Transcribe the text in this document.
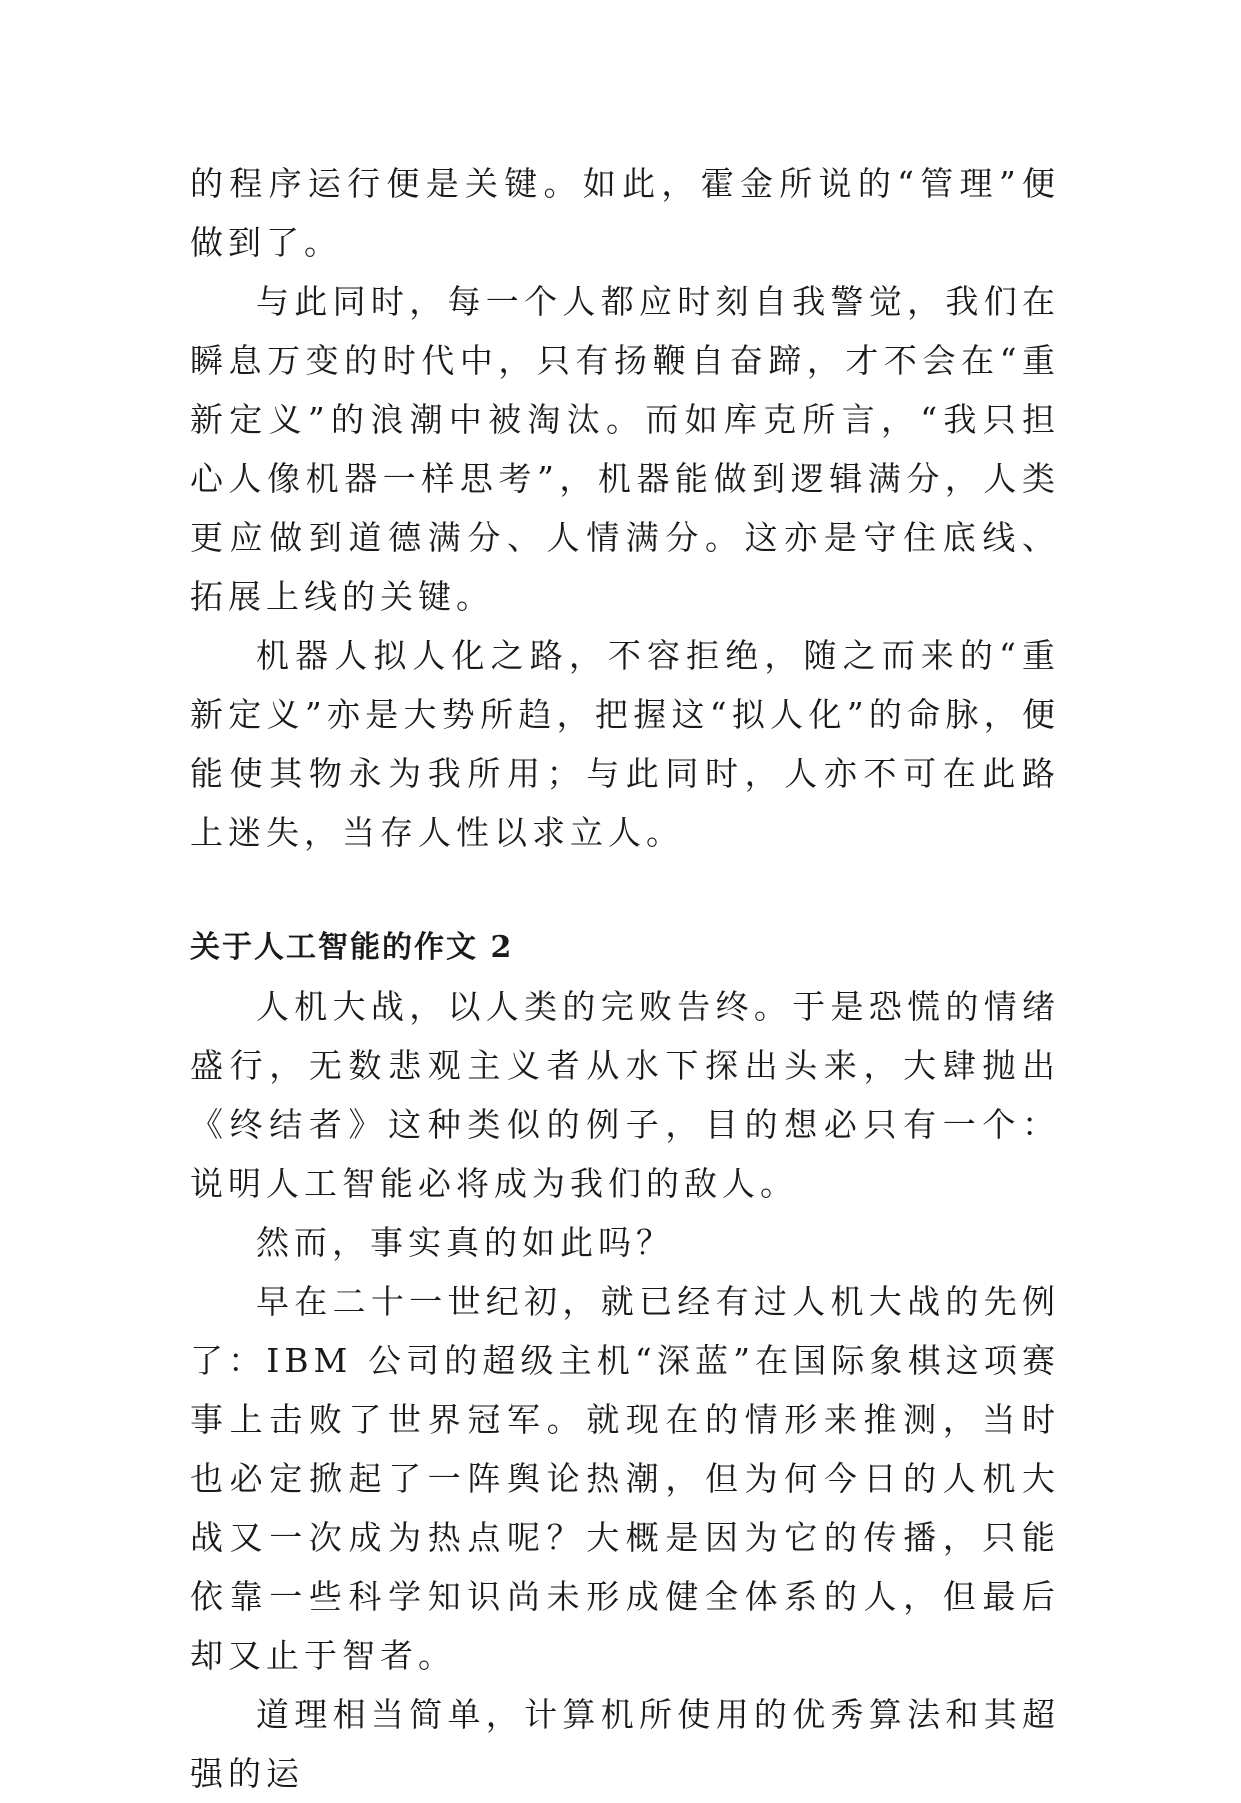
的程序运行便是关键。如此，霍金所说的“管理”便做到了。

与此同时，每一个人都应时刻自我警觉，我们在瞬息万变的时代中，只有扬鞭自奋蹄，才不会在“重新定义”的浪潮中被淘汰。而如库克所言，“我只担心人像机器一样思考”，机器能做到逻辑满分，人类更应做到道德满分、人情满分。这亦是守住底线、拓展上线的关键。

机器人拟人化之路，不容拒绝，随之而来的“重新定义”亦是大势所趋，把握这“拟人化”的命脉，便能使其物永为我所用；与此同时，人亦不可在此路上迷失，当存人性以求立人。

关于人工智能的作文 2

人机大战，以人类的完败告终。于是恐慌的情绪盛行，无数悲观主义者从水下探出头来，大肆抛出《终结者》这种类似的例子，目的想必只有一个：说明人工智能必将成为我们的敌人。

然而，事实真的如此吗？

早在二十一世纪初，就已经有过人机大战的先例了：IBM 公司的超级主机“深蓝”在国际象棋这项赛事上击败了世界冠军。就现在的情形来推测，当时也必定掀起了一阵舆论热潮，但为何今日的人机大战又一次成为热点呢？大概是因为它的传播，只能依靠一些科学知识尚未形成健全体系的人，但最后却又止于智者。

道理相当简单，计算机所使用的优秀算法和其超强的运
